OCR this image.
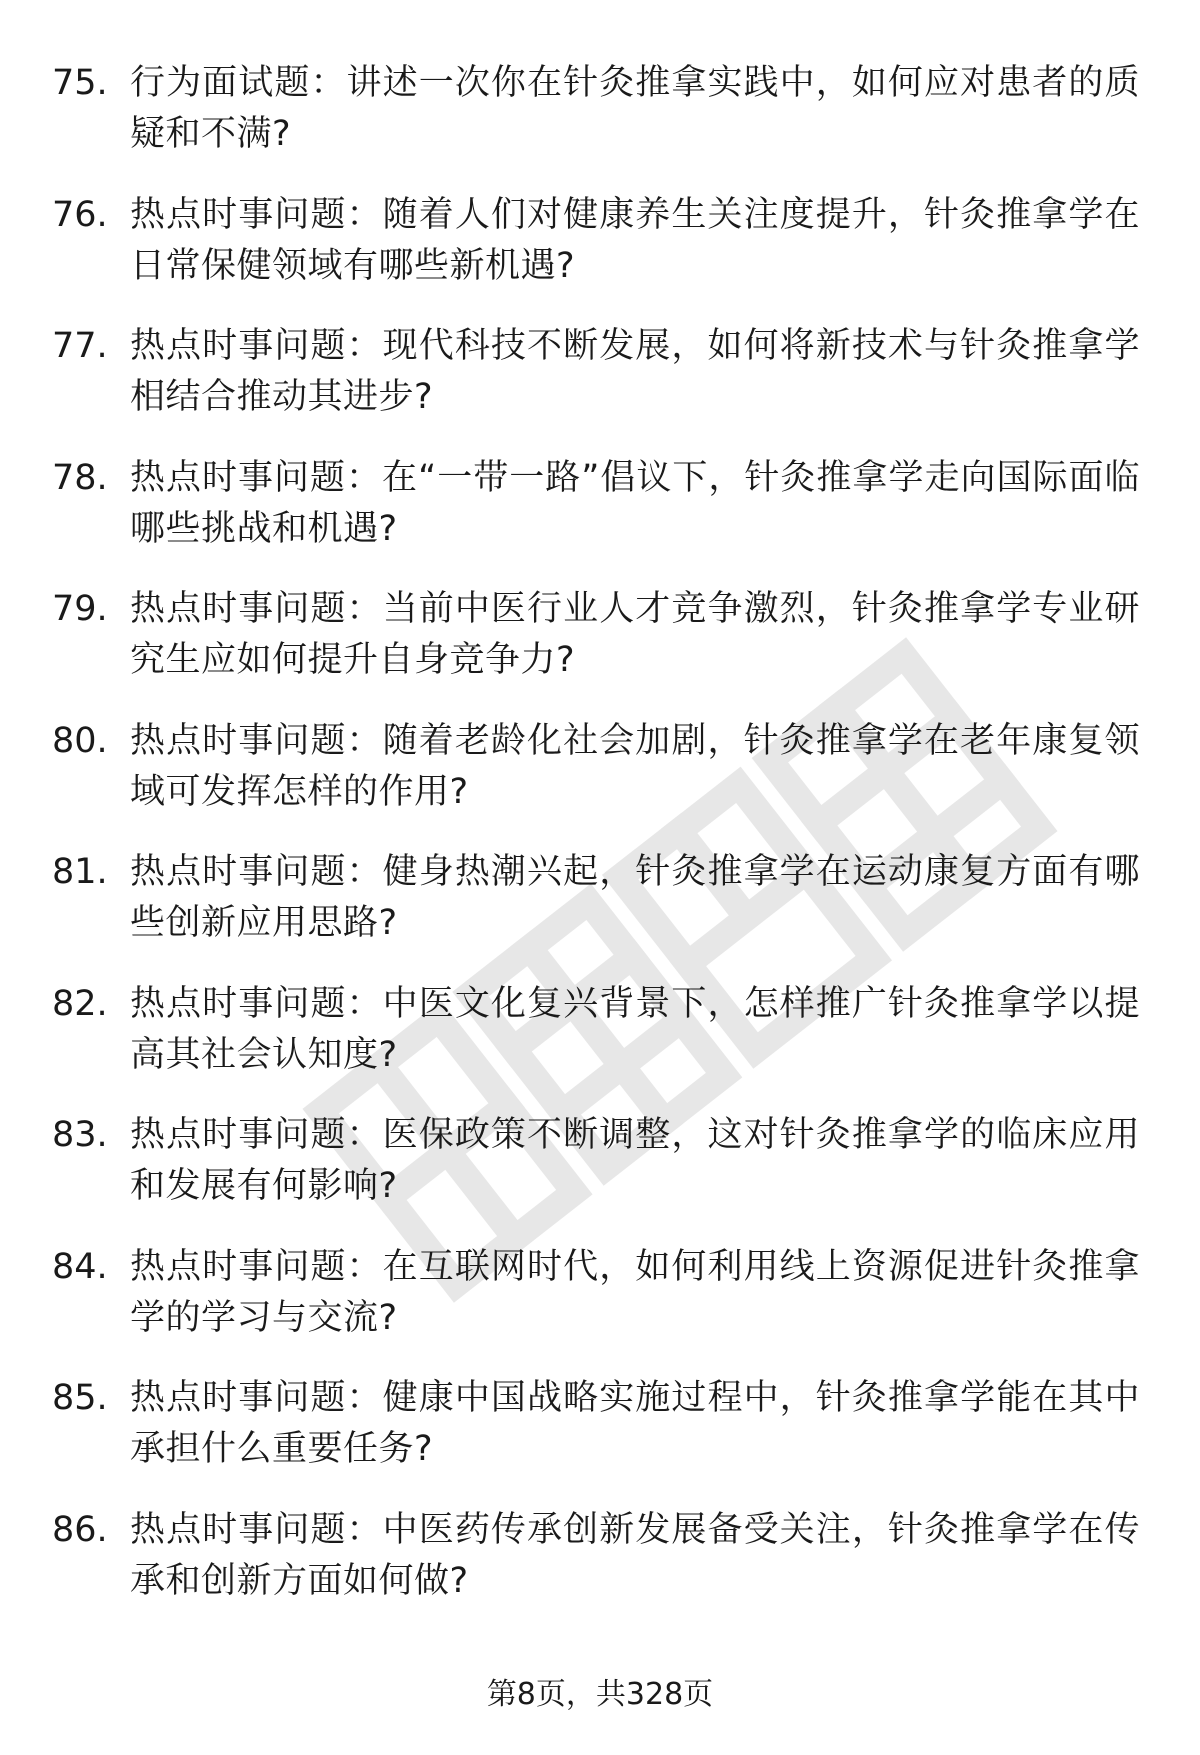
75. 行为面试题：讲述一次你在针灸推拿实践中，如何应对患者的质疑和不满?
76. 热点时事问题：随着人们对健康养生关注度提升，针灸推拿学在日常保健领域有哪些新机遇?
77. 热点时事问题：现代科技不断发展，如何将新技术与针灸推拿学相结合推动其进步?
78. 热点时事问题：在“一带一路”倡议下，针灸推拿学走向国际面临哪些挑战和机遇?
79. 热点时事问题：当前中医行业人才竞争激烈，针灸推拿学专业研究生应如何提升自身竞争力?
80. 热点时事问题：随着老龄化社会加剧，针灸推拿学在老年康复领域可发挥怎样的作用?
81. 热点时事问题：健身热潮兴起，针灸推拿学在运动康复方面有哪些创新应用思路?
82. 热点时事问题：中医文化复兴背景下，怎样推广针灸推拿学以提高其社会认知度?
83. 热点时事问题：医保政策不断调整，这对针灸推拿学的临床应用和发展有何影响?
84. 热点时事问题：在互联网时代，如何利用线上资源促进针灸推拿学的学习与交流?
85. 热点时事问题：健康中国战略实施过程中，针灸推拿学能在其中承担什么重要任务?
86. 热点时事问题：中医药传承创新发展备受关注，针灸推拿学在传承和创新方面如何做?
第8页，共328页
